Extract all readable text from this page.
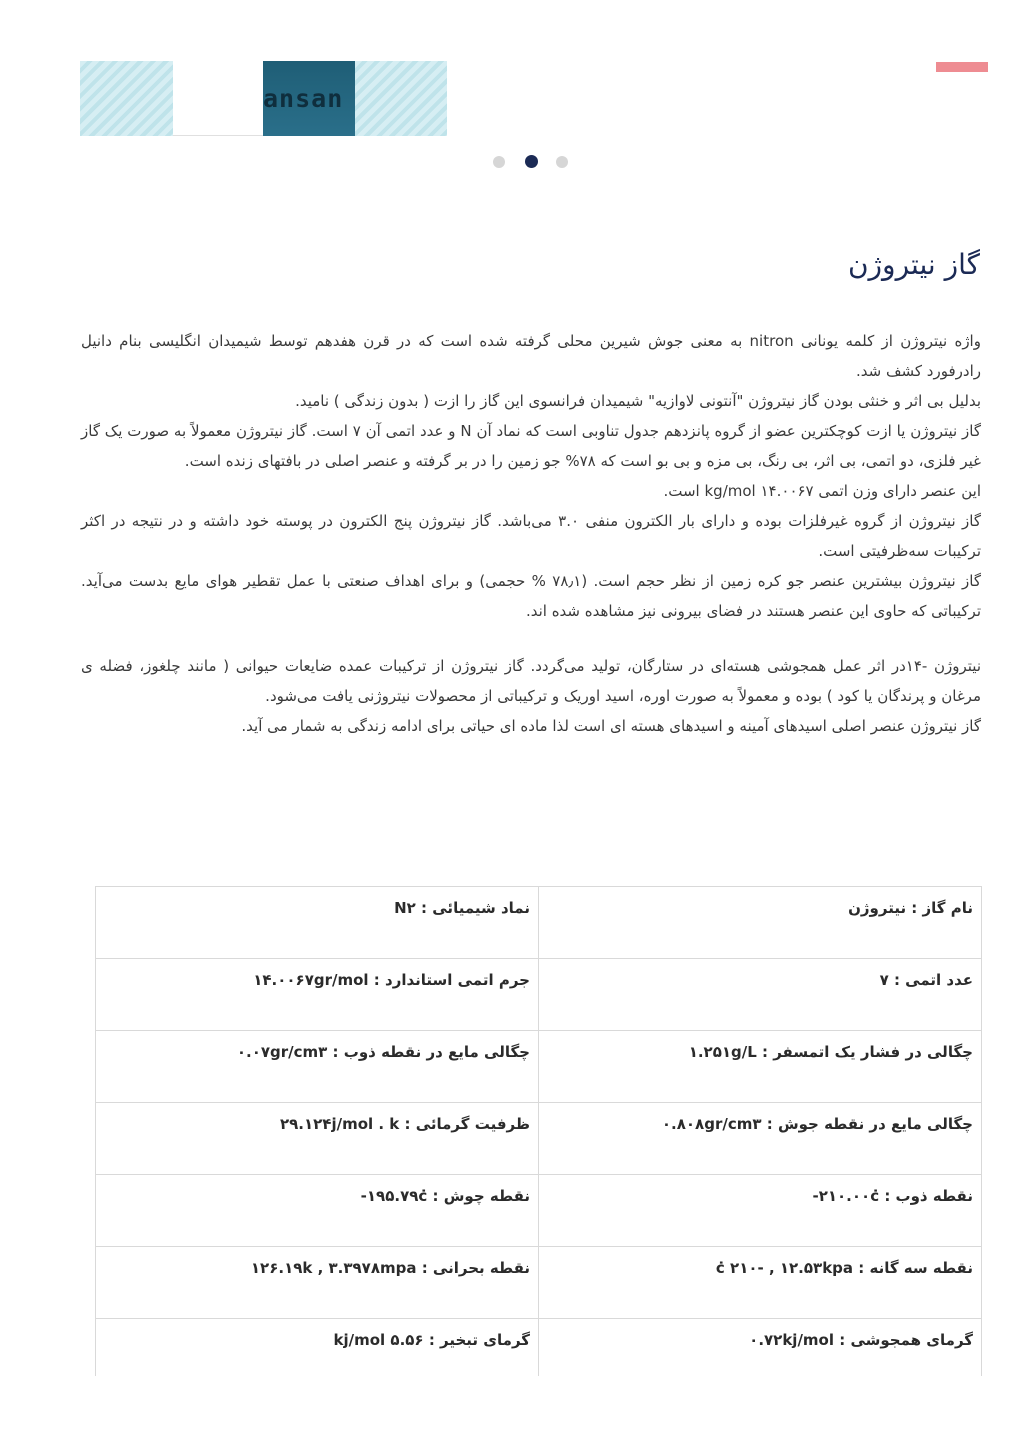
ansan
گاز نیتروژن

واژه نیتروژن از کلمه یونانی nitron به معنی جوش شیرین محلی گرفته شده است که در قرن هفدهم توسط شیمیدان انگلیسی بنام دانیل رادرفورد کشف شد.

بدلیل بی اثر و خنثی بودن گاز نیتروژن "آنتونی لاوازیه" شیمیدان فرانسوی این گاز را ازت ( بدون زندگی ) نامید.

گاز نیتروژن یا ازت کوچکترین عضو از گروه پانزدهم جدول تناوبی است که نماد آن N و عدد اتمی آن ۷ است. گاز نیتروژن معمولاً به صورت یک گاز غیر فلزی، دو اتمی، بی اثر، بی رنگ، بی مزه و بی بو است که ۷۸% جو زمین را در بر گرفته و عنصر اصلی در بافتهای زنده است.

این عنصر دارای وزن اتمی ۱۴.۰۰۶۷ kg/mol است.

گاز نیتروژن از گروه غیرفلزات بوده و دارای بار الکترون منفی ۳.۰ می‌باشد. گاز نیتروژن پنج الکترون در پوسته خود داشته و در نتیجه در اکثر ترکیبات سه‌ظرفیتی است.

گاز نیتروژن بیشترین عنصر جو کره زمین از نظر حجم است. (۷۸٫۱ % حجمی) و برای اهداف صنعتی با عمل تقطیر هوای مایع بدست می‌آید. ترکیباتی که حاوی این عنصر هستند در فضای بیرونی نیز مشاهده شده اند.

نیتروژن -۱۴در اثر عمل همجوشی هسته‌ای در ستارگان، تولید می‌گردد. گاز نیتروژن از ترکیبات عمده ضایعات حیوانی ( مانند چلغوز، فضله ی مرغان و پرندگان یا کود ) بوده و معمولاً به صورت اوره، اسید اوریک و ترکیباتی از محصولات نیتروژنی یافت می‌شود.

گاز نیتروژن عنصر اصلی اسیدهای آمینه و اسیدهای هسته ای است لذا ماده ای حیاتی برای ادامه زندگی به شمار می آید.

نام گاز : نیتروژن	نماد شیمیائی : N۲
عدد اتمی : ۷	جرم اتمی استاندارد : ۱۴.۰۰۶۷gr/mol
چگالی در فشار یک اتمسفر : ۱.۲۵۱g/L	چگالی مایع در نقطه ذوب : ۰.۰۷gr/cm۳
چگالی مایع در نقطه جوش : ۰.۸۰۸gr/cm۳	ظرفیت گرمائی : ۲۹.۱۲۴j/mol . k
نقطه ذوب : ۲۱۰.۰۰ċ-	نقطه چوش : ۱۹۵.۷۹ċ-
نقطه سه گانه : ċ ۲۱۰- , ۱۲.۵۳kpa	نقطه بحرانی : ۱۲۶.۱۹k , ۳.۳۹۷۸mpa
گرمای همجوشی : ۰.۷۲kj/mol	گرمای تبخیر : ۵.۵۶ kj/mol
